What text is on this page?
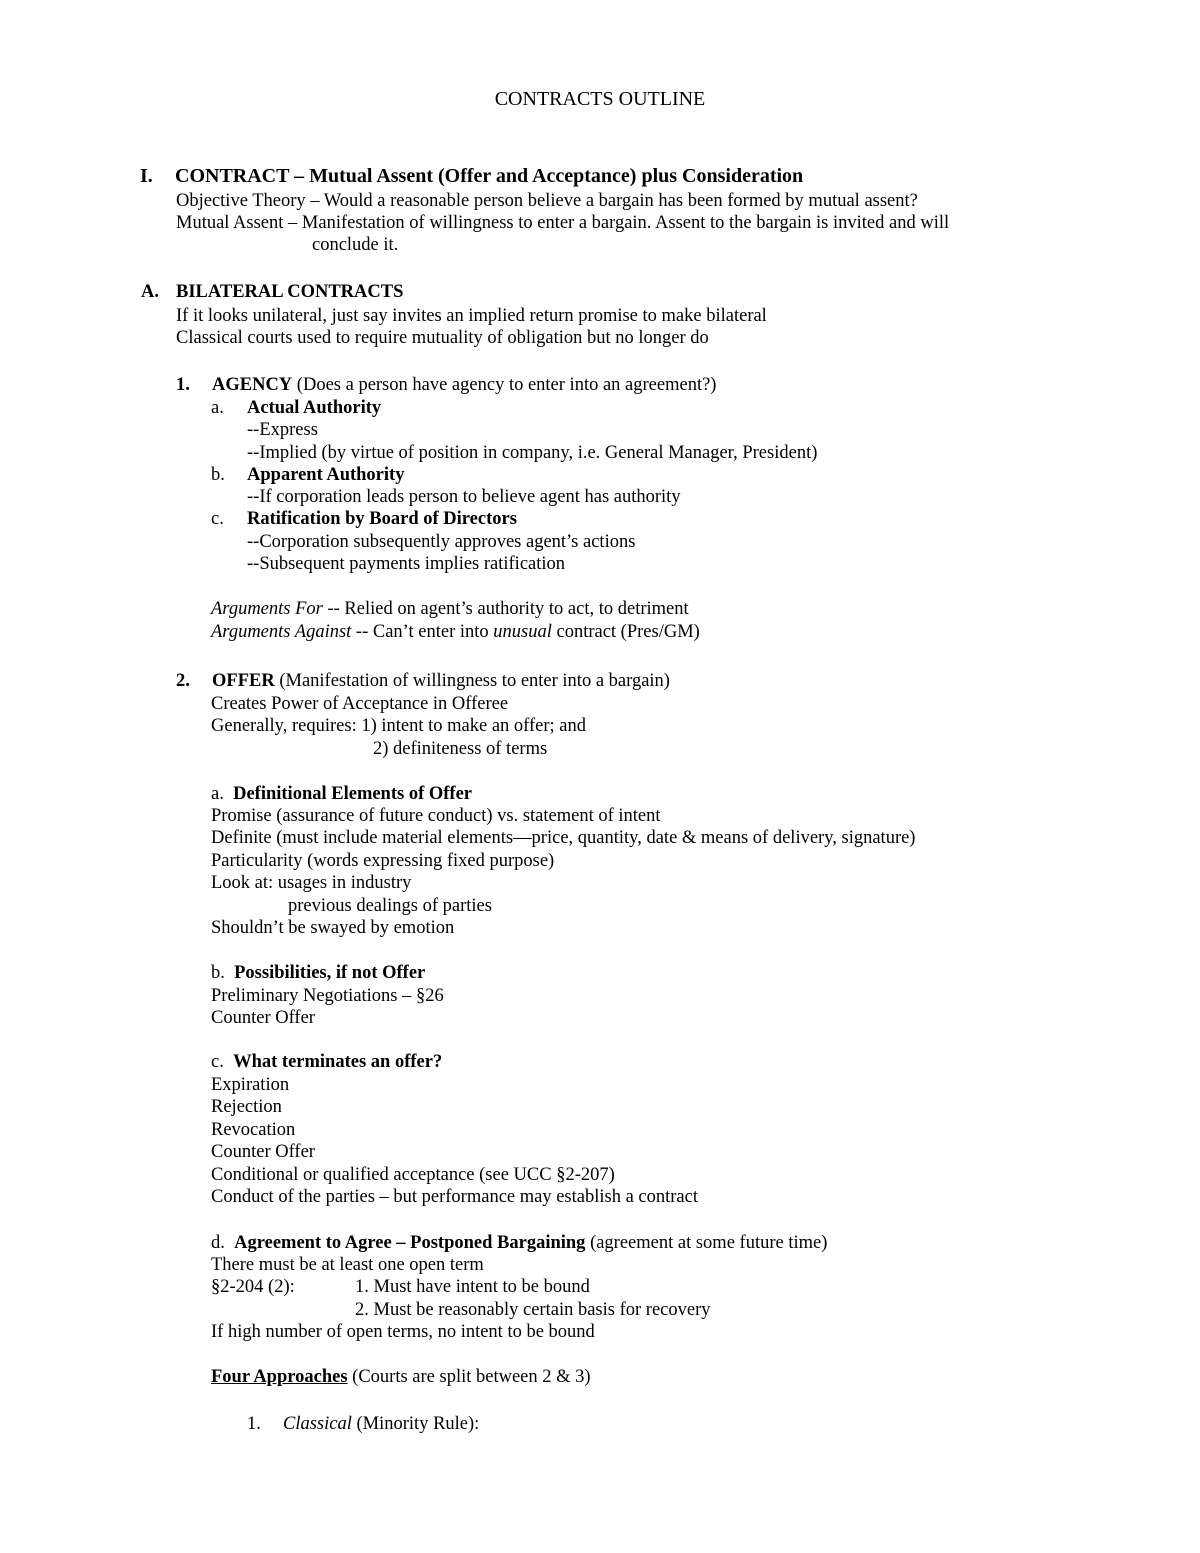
CONTRACTS OUTLINE
I. CONTRACT – Mutual Assent (Offer and Acceptance) plus Consideration
Objective Theory – Would a reasonable person believe a bargain has been formed by mutual assent?
Mutual Assent – Manifestation of willingness to enter a bargain. Assent to the bargain is invited and will
conclude it.
A. BILATERAL CONTRACTS
If it looks unilateral, just say invites an implied return promise to make bilateral
Classical courts used to require mutuality of obligation but no longer do
1. AGENCY (Does a person have agency to enter into an agreement?)
a. Actual Authority
--Express
--Implied (by virtue of position in company, i.e. General Manager, President)
b. Apparent Authority
--If corporation leads person to believe agent has authority
c. Ratification by Board of Directors
--Corporation subsequently approves agent’s actions
--Subsequent payments implies ratification
Arguments For -- Relied on agent’s authority to act, to detriment
Arguments Against -- Can’t enter into unusual contract (Pres/GM)
2. OFFER (Manifestation of willingness to enter into a bargain)
Creates Power of Acceptance in Offeree
Generally, requires: 1) intent to make an offer; and
2) definiteness of terms
a. Definitional Elements of Offer
Promise (assurance of future conduct) vs. statement of intent
Definite (must include material elements—price, quantity, date & means of delivery, signature)
Particularity (words expressing fixed purpose)
Look at: usages in industry
previous dealings of parties
Shouldn’t be swayed by emotion
b. Possibilities, if not Offer
Preliminary Negotiations – §26
Counter Offer
c. What terminates an offer?
Expiration
Rejection
Revocation
Counter Offer
Conditional or qualified acceptance (see UCC §2-207)
Conduct of the parties – but performance may establish a contract
d. Agreement to Agree – Postponed Bargaining (agreement at some future time)
There must be at least one open term
§2-204 (2):	1. Must have intent to be bound
2. Must be reasonably certain basis for recovery
If high number of open terms, no intent to be bound
Four Approaches (Courts are split between 2 & 3)
1. Classical (Minority Rule):
